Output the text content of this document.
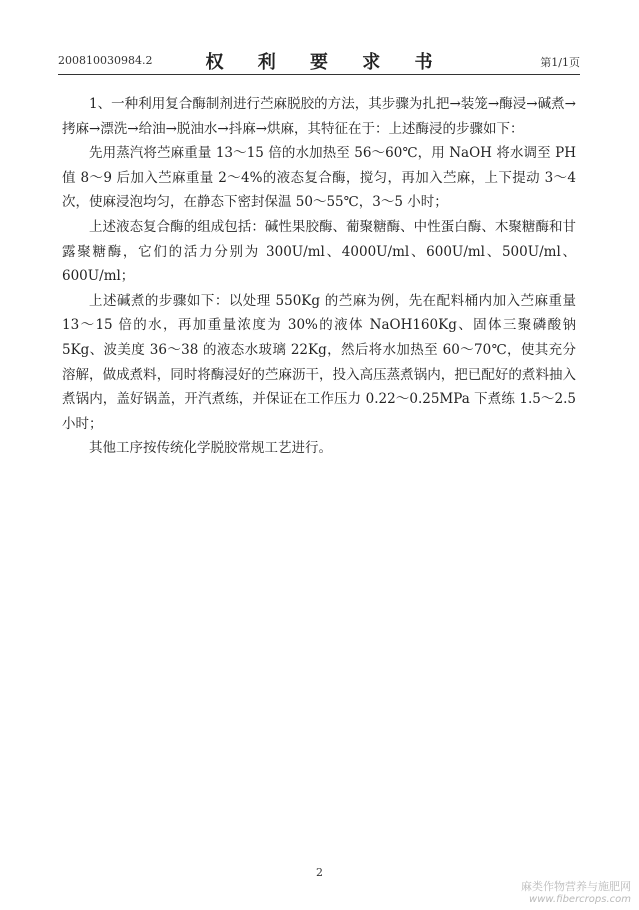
200810030984.2	权 利 要 求 书	第1/1页

1、一种利用复合酶制剂进行苎麻脱胶的方法，其步骤为扎把→装笼→酶浸→碱煮→拷麻→漂洗→给油→脱油水→抖麻→烘麻，其特征在于：上述酶浸的步骤如下：

先用蒸汽将苎麻重量 13～15 倍的水加热至 56～60℃，用 NaOH 将水调至 PH 值 8～9 后加入苎麻重量 2～4%的液态复合酶，搅匀，再加入苎麻，上下提动 3～4 次，使麻浸泡均匀，在静态下密封保温 50～55℃，3～5 小时；

上述液态复合酶的组成包括：碱性果胶酶、葡聚糖酶、中性蛋白酶、木聚糖酶和甘露聚糖酶，它们的活力分别为 300U/ml、4000U/ml、600U/ml、500U/ml、600U/ml；

上述碱煮的步骤如下：以处理 550Kg 的苎麻为例，先在配料桶内加入苎麻重量 13～15 倍的水，再加重量浓度为 30%的液体 NaOH160Kg、固体三聚磷酸钠 5Kg、波美度 36～38 的液态水玻璃 22Kg，然后将水加热至 60～70℃，使其充分溶解，做成煮料，同时将酶浸好的苎麻沥干，投入高压蒸煮锅内，把已配好的煮料抽入煮锅内，盖好锅盖，开汽煮练，并保证在工作压力 0.22～0.25MPa 下煮练 1.5～2.5 小时；

其他工序按传统化学脱胶常规工艺进行。

2
麻类作物营养与施肥网
www.fibercrops.com
